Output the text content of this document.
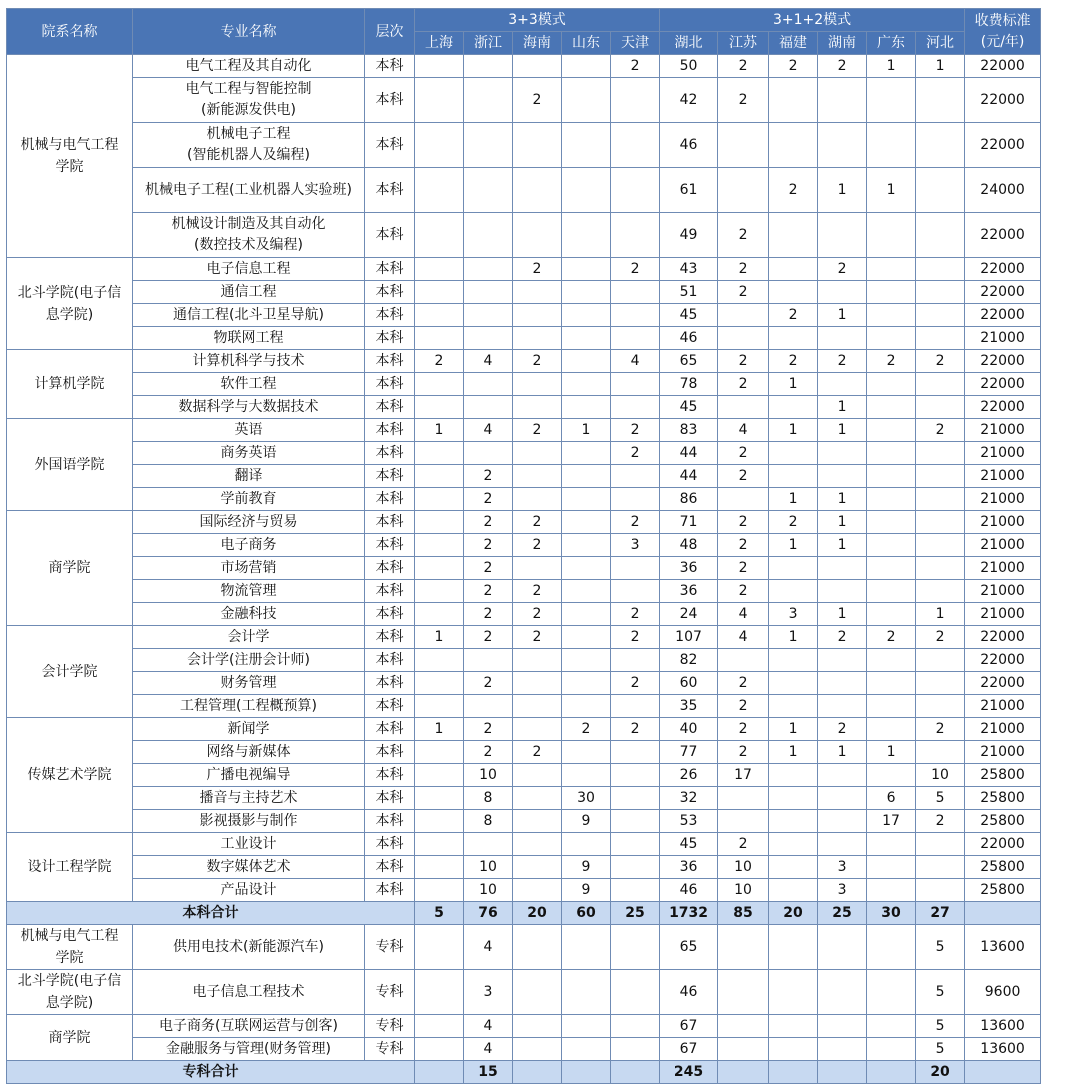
院系名称	专业名称	层次	3+3模式					3+1+2模式						收费标准
(元/年)

			上海	浙江	海南	山东	天津	湖北	江苏	福建	湖南	广东	河北	

机械与电气工程
学院	电气工程及其自动化	本科					2	50	2	2	2	1	1	22000

	电气工程与智能控制
(新能源发供电)	本科			2			42	2					22000

	机械电子工程
(智能机器人及编程)	本科						46						22000

	机械电子工程(工业机器人实验班)	本科						61		2	1	1		24000

	机械设计制造及其自动化
(数控技术及编程)	本科						49	2					22000

北斗学院(电子信
息学院)	电子信息工程	本科			2		2	43	2		2			22000

	通信工程	本科						51	2					22000

	通信工程(北斗卫星导航)	本科						45		2	1			22000

	物联网工程	本科						46						21000

计算机学院	计算机科学与技术	本科	2	4	2		4	65	2	2	2	2	2	22000

	软件工程	本科						78	2	1				22000

	数据科学与大数据技术	本科						45			1			22000

外国语学院	英语	本科	1	4	2	1	2	83	4	1	1		2	21000

	商务英语	本科					2	44	2					21000

	翻译	本科		2				44	2					21000

	学前教育	本科		2				86		1	1			21000

商学院	国际经济与贸易	本科		2	2		2	71	2	2	1			21000

	电子商务	本科		2	2		3	48	2	1	1			21000

	市场营销	本科		2				36	2					21000

	物流管理	本科		2	2			36	2					21000

	金融科技	本科		2	2		2	24	4	3	1		1	21000

会计学院	会计学	本科	1	2	2		2	107	4	1	2	2	2	22000

	会计学(注册会计师)	本科						82						22000

	财务管理	本科		2			2	60	2					22000

	工程管理(工程概预算)	本科						35	2					21000

传媒艺术学院	新闻学	本科	1	2		2	2	40	2	1	2		2	21000

	网络与新媒体	本科		2	2			77	2	1	1	1		21000

	广播电视编导	本科		10				26	17				10	25800

	播音与主持艺术	本科		8		30		32				6	5	25800

	影视摄影与制作	本科		8		9		53				17	2	25800

设计工程学院	工业设计	本科						45	2					22000

	数字媒体艺术	本科		10		9		36	10		3			25800

	产品设计	本科		10		9		46	10		3			25800
本科合计			5	76	20	60	25	1732	85	20	25	30	27	

机械与电气工程
学院	供用电技术(新能源汽车)	专科		4				65					5	13600

北斗学院(电子信
息学院)	电子信息工程技术	专科		3				46					5	9600

商学院	电子商务(互联网运营与创客)	专科		4				67					5	13600

	金融服务与管理(财务管理)	专科		4				67					5	13600
专科合计				15				245					20	
